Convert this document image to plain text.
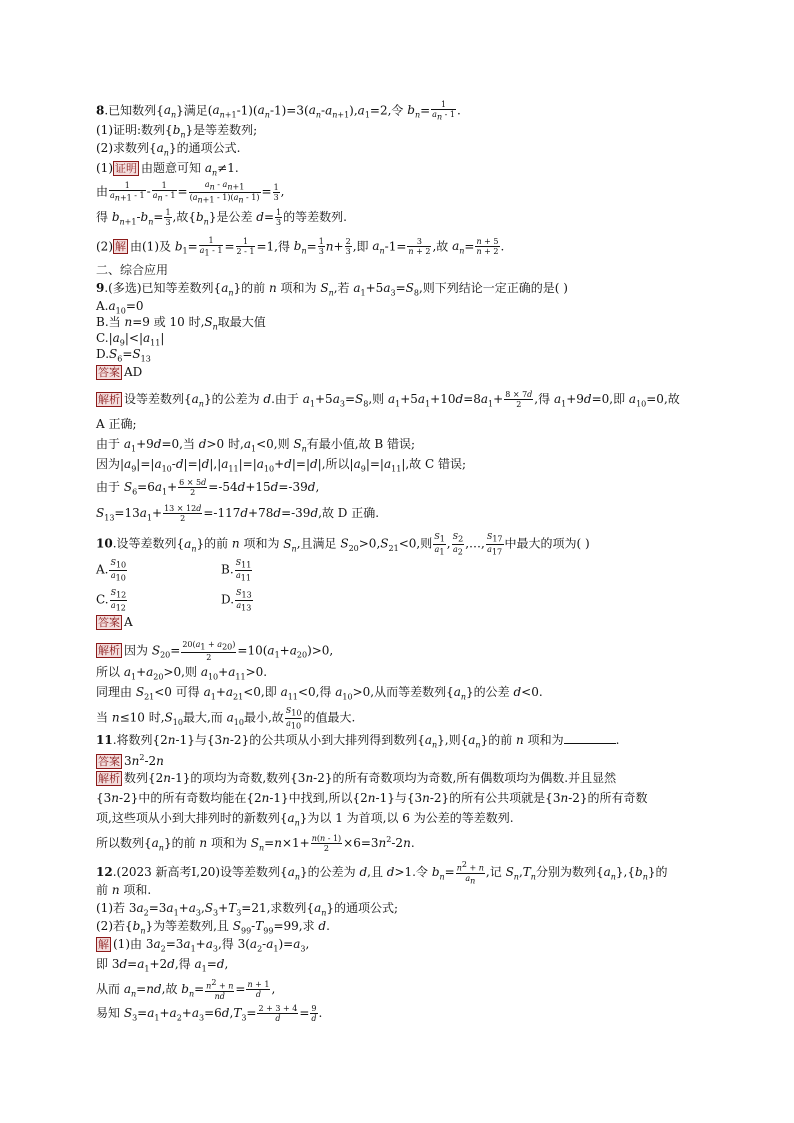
8.已知数列$\{a_n\}$满足$(a_{n+1}-1)(a_n-1)=3(a_n-a_{n+1}),a_1=2$,令 $b_n= \frac{1}{a_n - 1}$ .
(1)证明:数列$\{b_n\}$是等差数列;
(2)求数列$\{a_n\}$的通项公式.
(1) 证明 由题意可知 $a_n\ne 1$.
由 $\frac{1}{a_{n+1} - 1} - \frac{1}{a_n - 1} = \frac{a_n - a_{n+1}}{(a_{n+1} - 1)(a_n - 1)} = \frac{1}{3}$ ,
得 $b_{n+1}-b_n= \frac{1}{3}$ ,故$\{b_n\}$是公差 $d= \frac{1}{3}$ 的等差数列.
(2) 解 由(1)及 $b_1= \frac{1}{a_1 - 1} = \frac{1}{2 - 1} =1$,得 $b_n= \frac{1}{3} n+ \frac{2}{3}$ ,即 $a_n-1= \frac{3}{n + 2}$ ,故 $a_n= \frac{n + 5}{n + 2}$ .
二、综合应用
9.(多选)已知等差数列$\{a_n\}$的前 n 项和为 $S_n$,若 $a_1+5a_3=S_8$,则下列结论一定正确的是( )
$A.a_{10}=0$
B.当 n=9 或 10 时$,S_n$取最大值
$C.|a_9|<|a_{11}|$
$D.S_6=S_{13}$
答案 AD
解析 设等差数列$\{a_n\}$的公差为 d.由于 $a_1+5a_3=S_8$,则 $a_1+5a_1+10d=8a_1+ \frac{8 \times 7d}{2}$ ,得 $a_1+9d=0$,即 $a_{10}=0$,故
A 正确;
由于 $a_1+9d=0$,当 d>0 时$,a_1<0$,则 $S_n$有最小值,故 B 错误;
因为$|a_9|=|a_{10}-d|=|d|,|a_{11}|=|a_{10}+d|=|d|$,所以$|a_9|=|a_{11}|$,故 C 错误;
由于 $S_6=6a_1+ \frac{6 \times 5d}{2} =-54d+15d=-39d$,
$S_{13}=13a_1+ \frac{13 \times 12d}{2} =-117d+78d=-39d$,故 D 正确.
10.设等差数列$\{a_n\}$的前 n 项和为 $S_n$,且满足 $S_{20}>0,S_{21}<0$,则 $\frac{S_1}{a_1}$ , $\frac{S_2}{a_2}$ ,…, $\frac{S_{17}}{a_{17}}$ 中最大的项为( )
A. $\frac{S_{10}}{a_{10}}$	B. $\frac{S_{11}}{a_{11}}$
C. $\frac{S_{12}}{a_{12}}$	D. $\frac{S_{13}}{a_{13}}$
答案 A
解析 因为 $S_{20}= \frac{20(a_1 + a_{20})}{2} =10(a_1+a_{20})>0$,
所以 $a_1+a_{20}>0$,则 $a_{10}+a_{11}>0$.
同理由 $S_{21}<0$ 可得 $a_1+a_{21}<0$,即 $a_{11}<0$,得 $a_{10}>0$,从而等差数列$\{a_n\}$的公差 d<0.
当 n≤10 时$,S_{10}$最大,而 $a_{10}$最小,故 $\frac{S_{10}}{a_{10}}$ 的值最大.
11.将数列{2n-1}与{3n-2}的公共项从小到大排列得到数列$\{a_n\}$,则$\{a_n\}$的前 n 项和为	.
答案 $3n^2-2n$
解析 数列{2n-1}的项均为奇数,数列{3n-2}的所有奇数项均为奇数,所有偶数项均为偶数.并且显然
{3n-2}中的所有奇数均能在{2n-1}中找到,所以{2n-1}与{3n-2}的所有公共项就是{3n-2}的所有奇数
项,这些项从小到大排列时的新数列$\{a_n\}$为以 1 为首项,以 6 为公差的等差数列.
所以数列$\{a_n\}$的前 n 项和为 $S_n=n\times 1+ \frac{n(n - 1)}{2} \times 6=3n^2-2n$.
12.(2023 新高考Ⅰ,20)设等差数列$\{a_n\}$的公差为 d,且 d>1.令 $b_n= \frac{n^2 + n}{a_n}$ ,记 $S_n,T_n$分别为数列$\{a_n\},\{b_n\}$的
前 n 项和.
(1)若 $3a_2=3a_1+a_3,S_3+T_3=21$,求数列$\{a_n\}$的通项公式;
(2)若$\{b_n\}$为等差数列,且 $S_{99}-T_{99}=99$,求 d.
解 (1)由 $3a_2=3a_1+a_3$,得 $3(a_2-a_1)=a_3$,
即 $3d=a_1+2d$,得 $a_1=d$,
从而 $a_n=nd$,故 $b_n= \frac{n^2 + n}{nd} = \frac{n + 1}{d}$ ,
易知 $S_3=a_1+a_2+a_3=6d,T_3= \frac{2 + 3 + 4}{d} = \frac{9}{d}$ .
